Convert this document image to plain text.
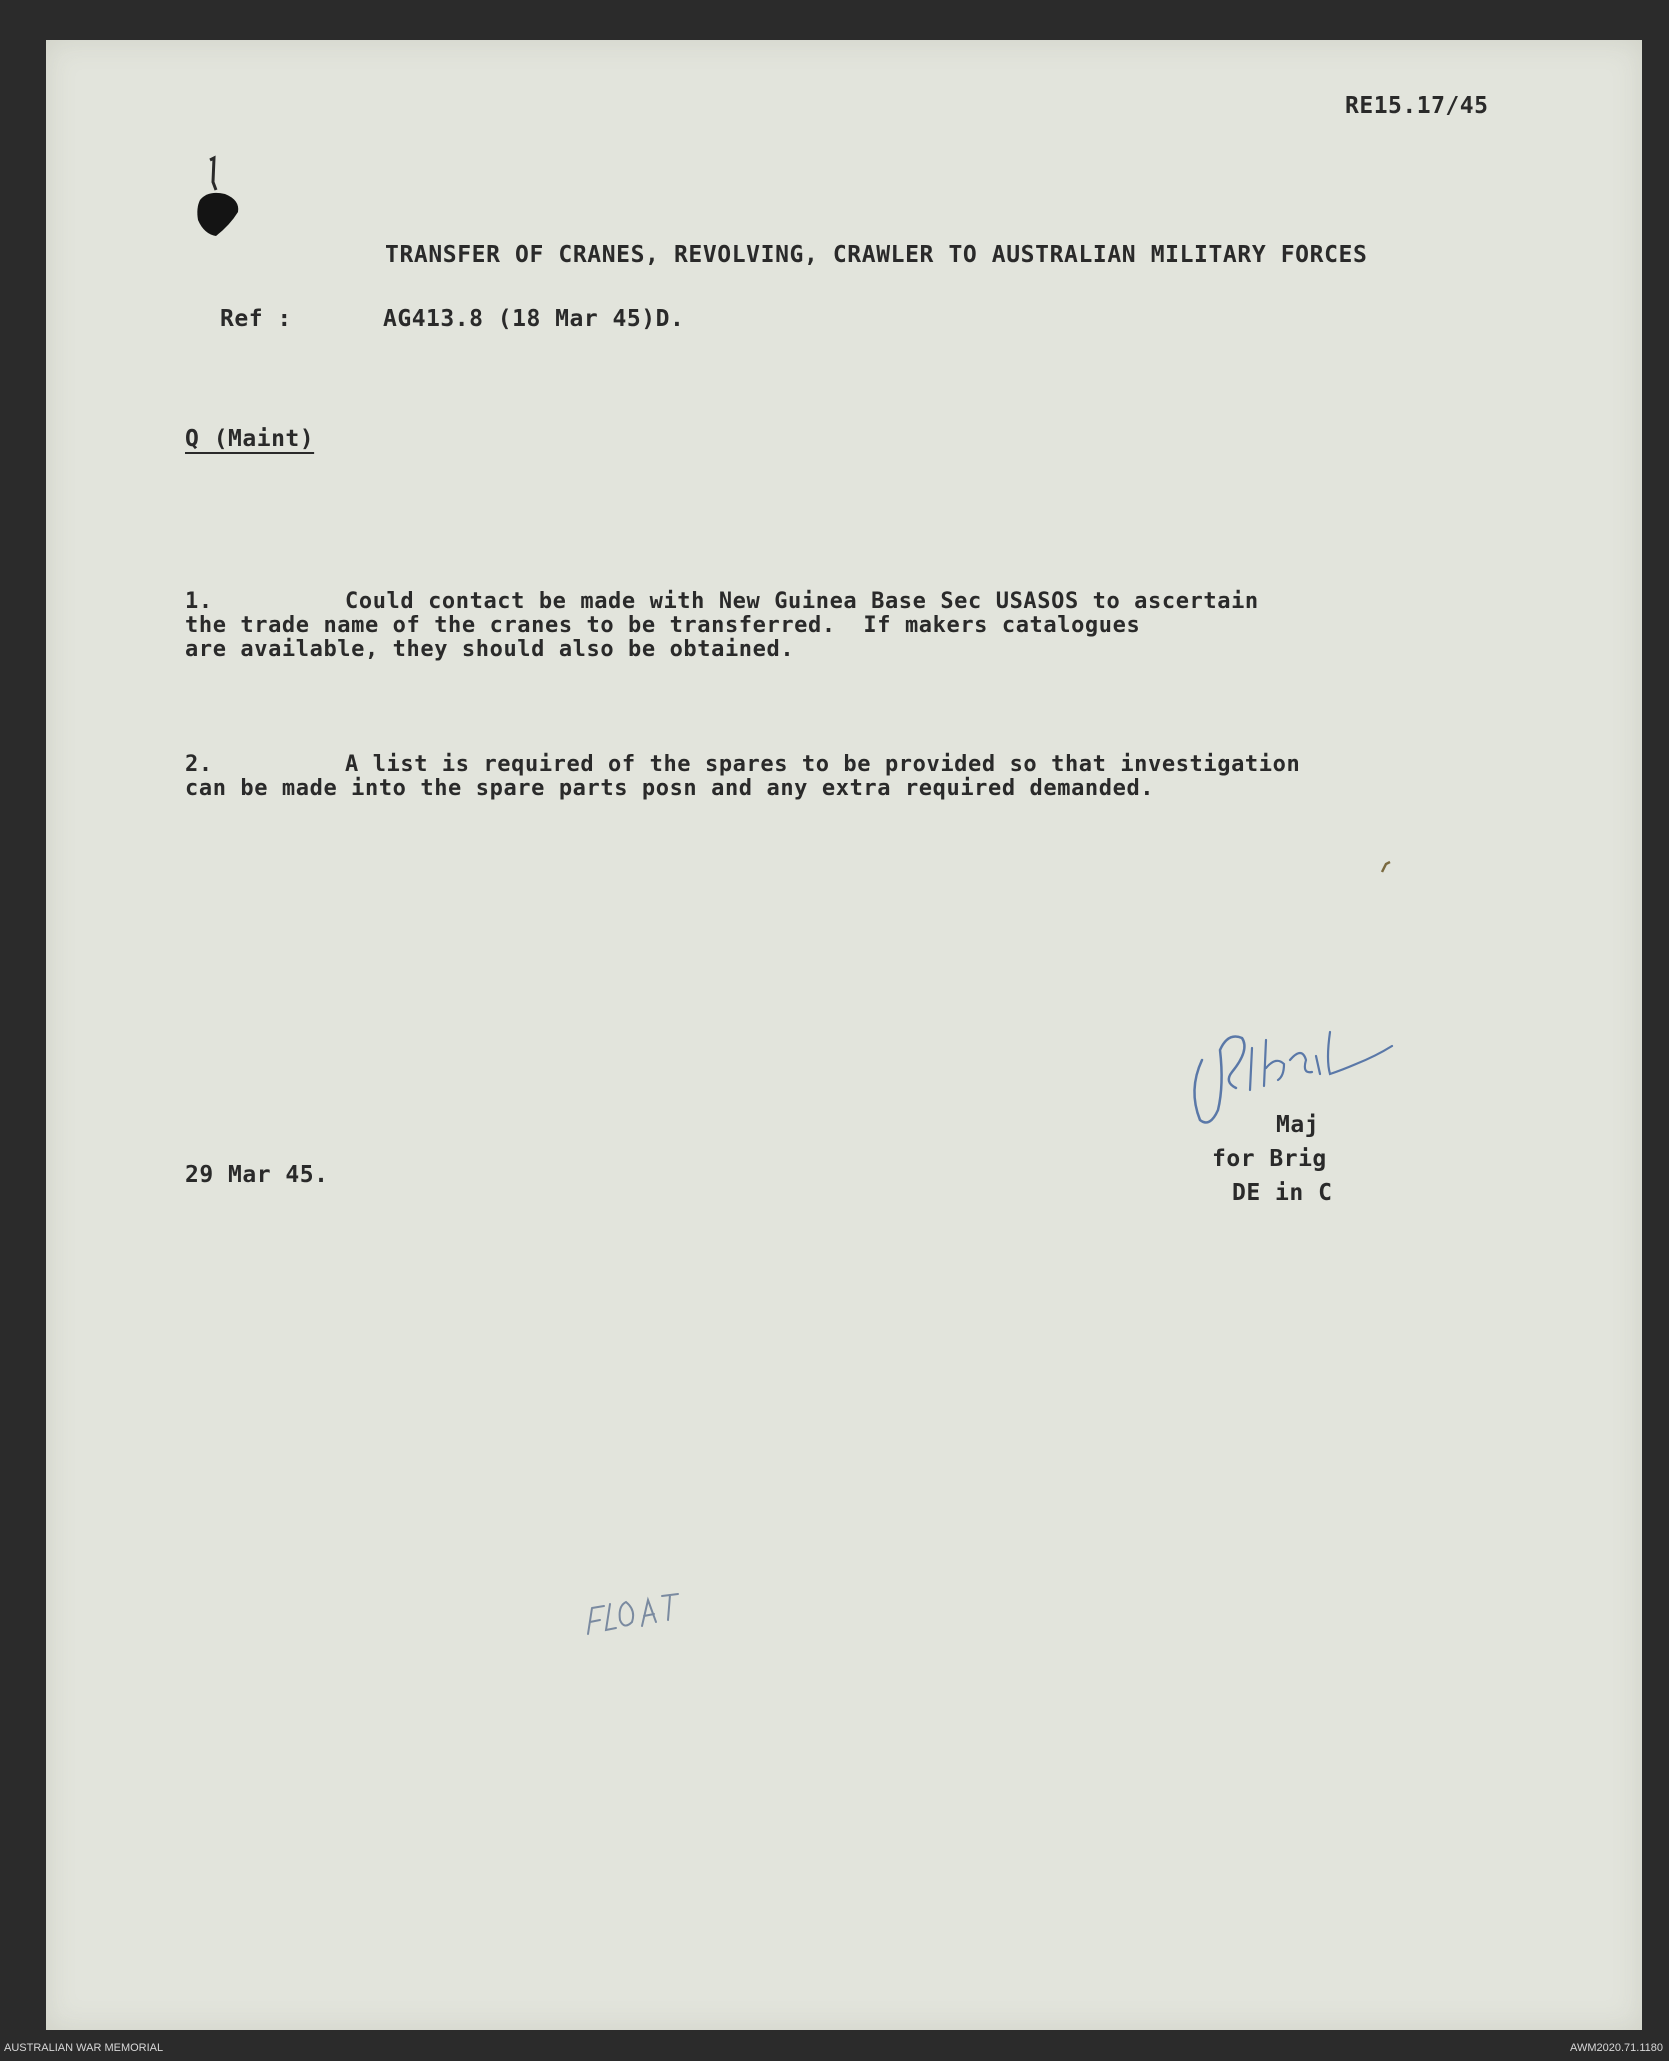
RE15.17/45
TRANSFER OF CRANES, REVOLVING, CRAWLER TO AUSTRALIAN MILITARY FORCES
Ref :	AG413.8 (18 Mar 45)D.
Q (Maint)
1.	Could contact be made with New Guinea Base Sec USASOS to ascertain
the trade name of the cranes to be transferred.  If makers catalogues
are available, they should also be obtained.
2.	A list is required of the spares to be provided so that investigation
can be made into the spare parts posn and any extra required demanded.
29 Mar 45.
Maj
for Brig
DE in C
AUSTRALIAN WAR MEMORIAL	AWM2020.71.1180
